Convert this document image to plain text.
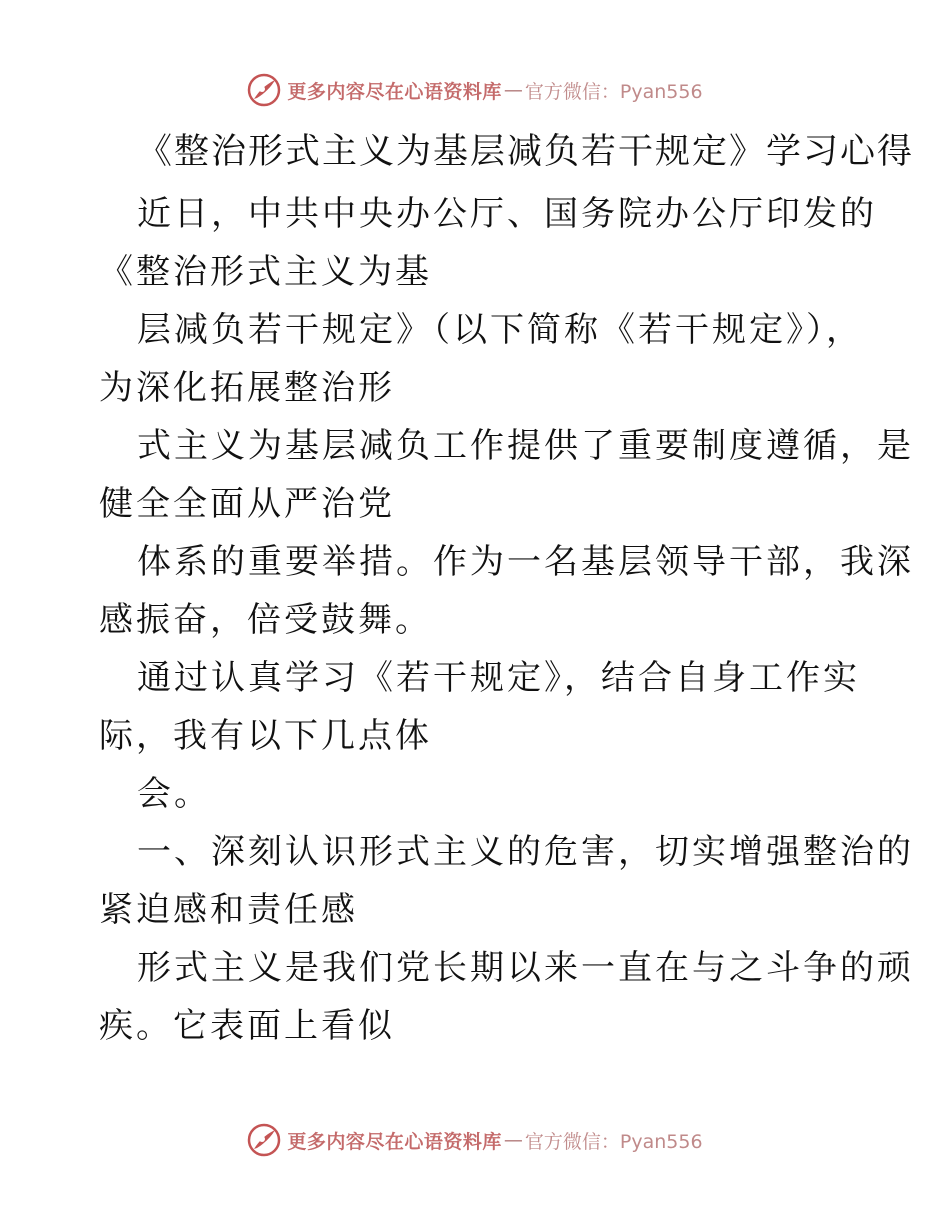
更多内容尽在心语资料库 — 官方微信：Pyan556
《整治形式主义为基层减负若干规定》学习心得
近日，中共中央办公厅、国务院办公厅印发的
《整治形式主义为基
层减负若干规定》（以下简称《若干规定》），
为深化拓展整治形
式主义为基层减负工作提供了重要制度遵循，是
健全全面从严治党
体系的重要举措。作为一名基层领导干部，我深
感振奋，倍受鼓舞。
通过认真学习《若干规定》，结合自身工作实
际，我有以下几点体
会。
一、深刻认识形式主义的危害，切实增强整治的
紧迫感和责任感
形式主义是我们党长期以来一直在与之斗争的顽
疾。它表面上看似
更多内容尽在心语资料库 — 官方微信：Pyan556
